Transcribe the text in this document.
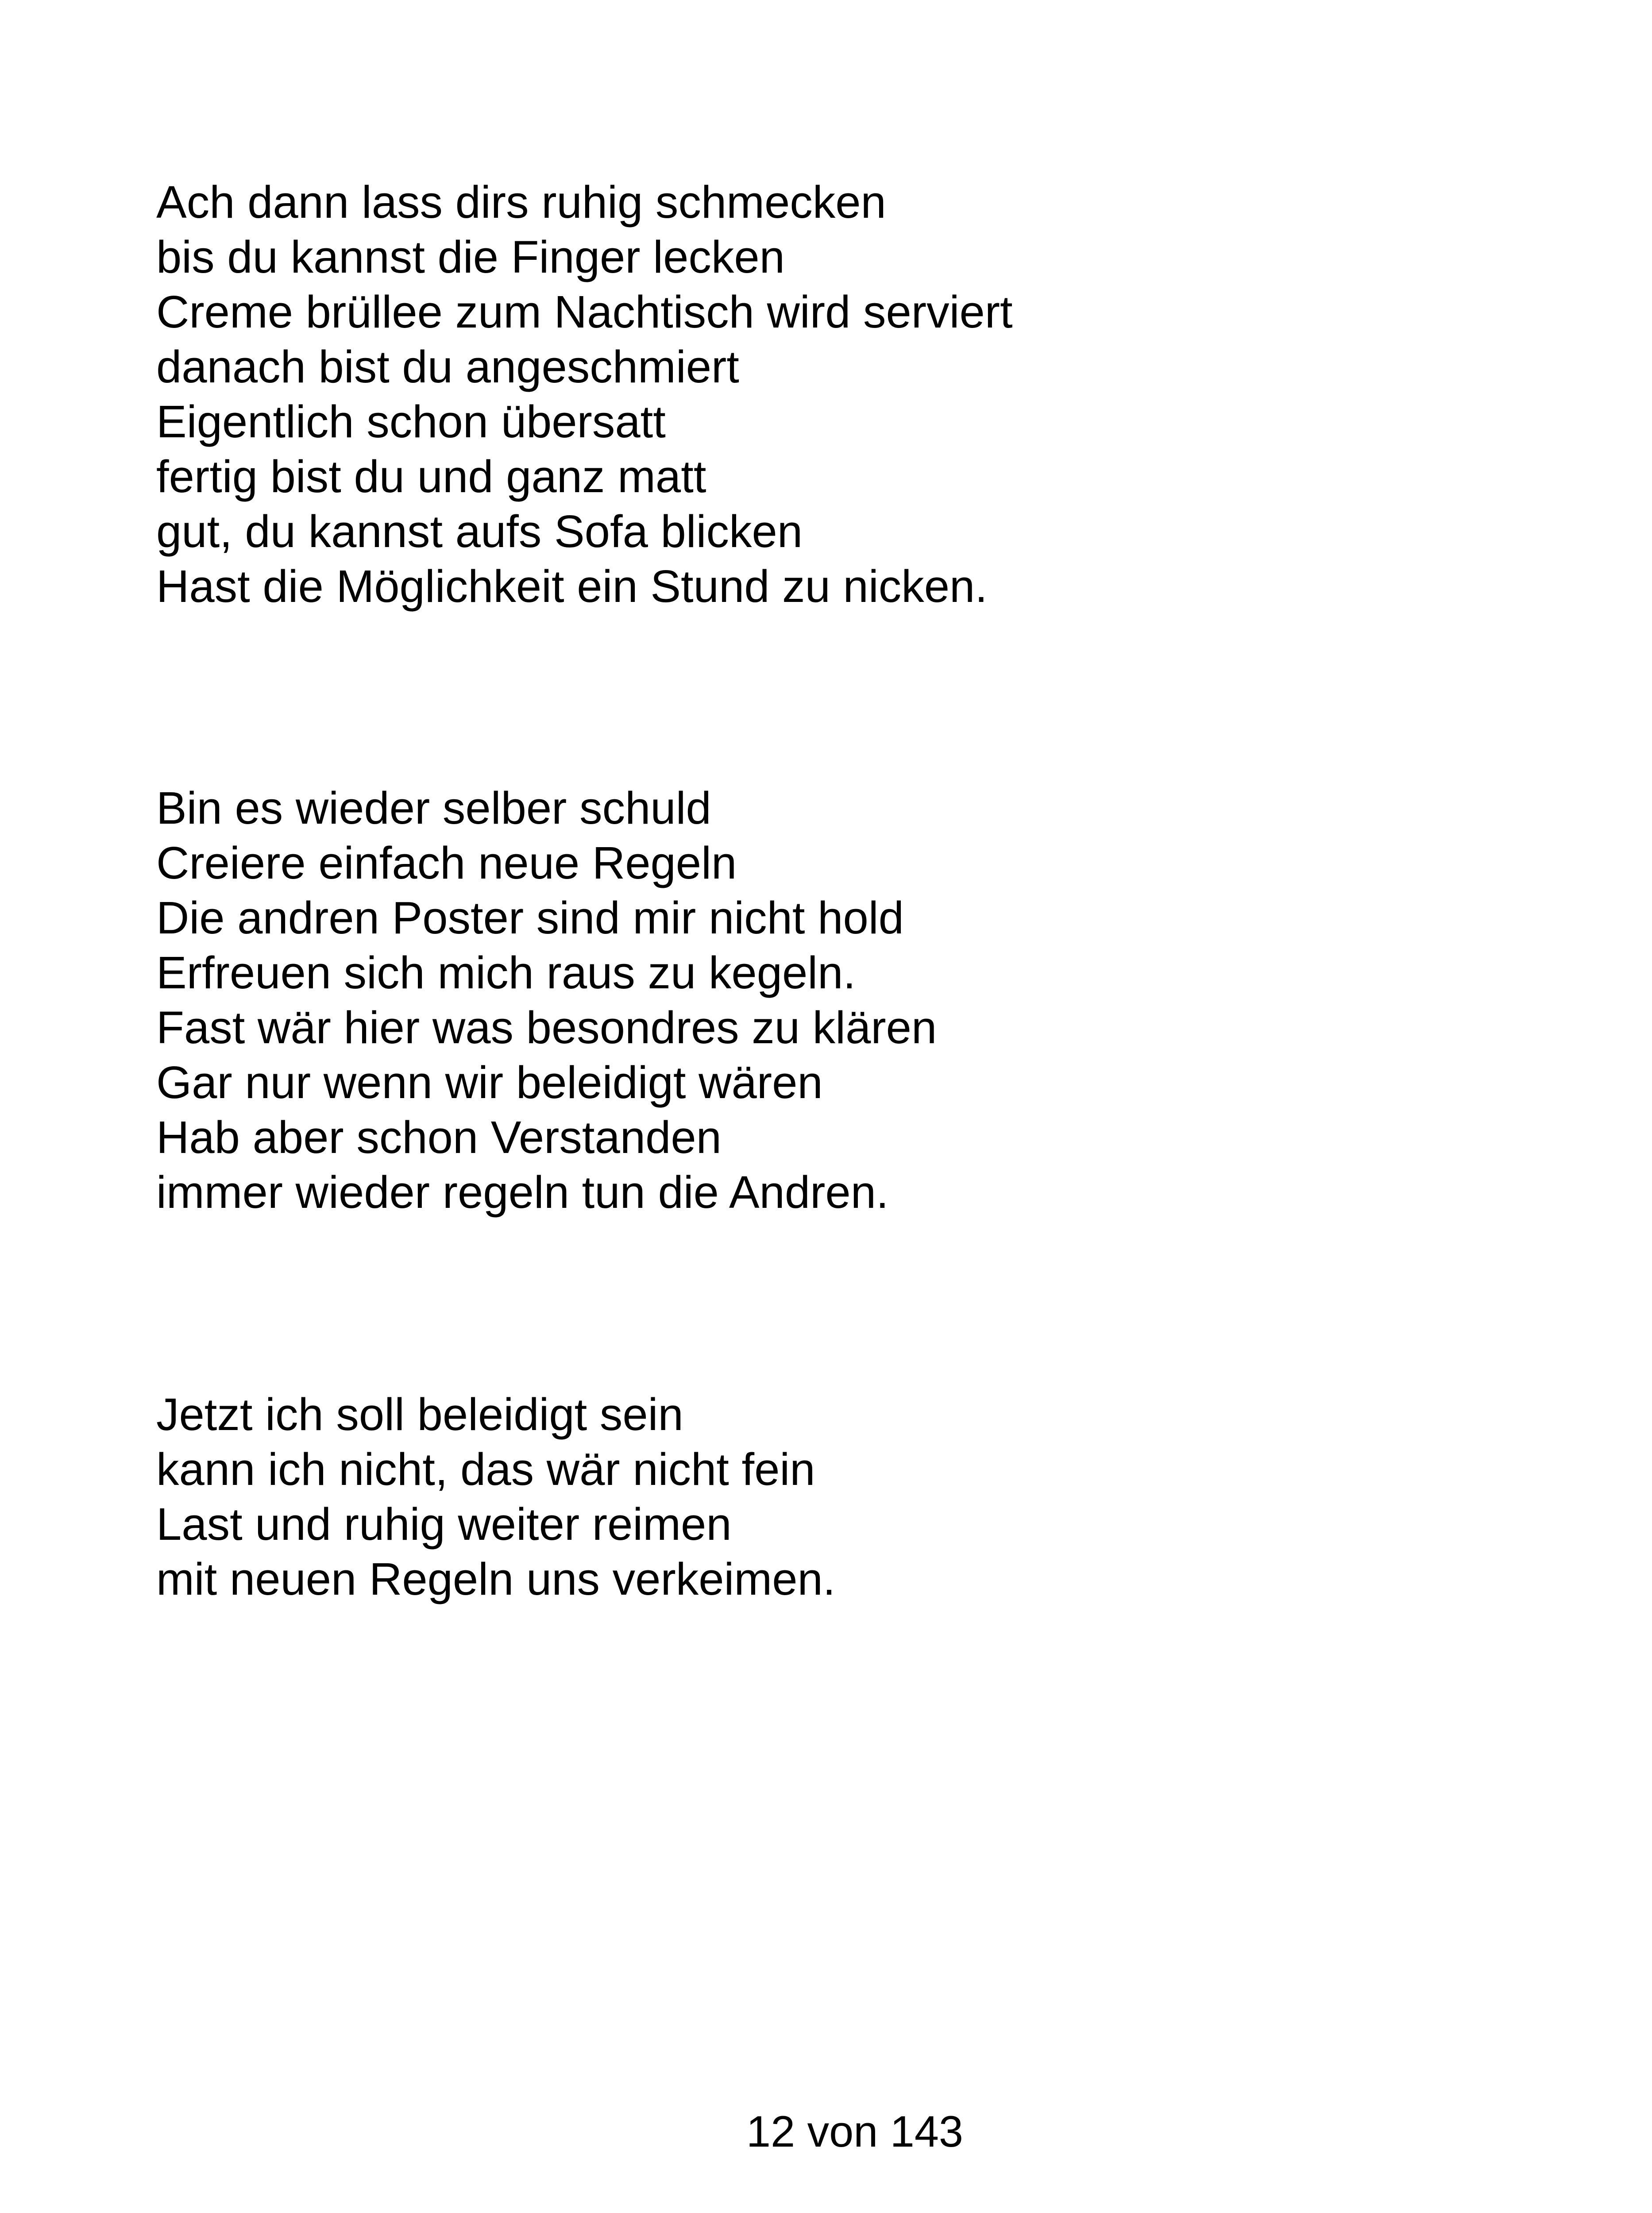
Ach dann lass dirs ruhig schmecken
bis du kannst die Finger lecken
Creme brüllee zum Nachtisch wird serviert
danach bist du angeschmiert
Eigentlich schon übersatt
fertig bist du und ganz matt
gut, du kannst aufs Sofa blicken
Hast die Möglichkeit ein Stund zu nicken.
Bin es wieder selber schuld
Creiere einfach neue Regeln
Die andren Poster sind mir nicht hold
Erfreuen sich mich raus zu kegeln.
Fast wär hier was besondres zu klären
Gar nur wenn wir beleidigt wären
Hab aber schon Verstanden
immer wieder regeln tun die Andren.
Jetzt ich soll beleidigt sein
kann ich nicht, das wär nicht fein
Last und ruhig weiter reimen
mit neuen Regeln uns verkeimen.
12 von 143
